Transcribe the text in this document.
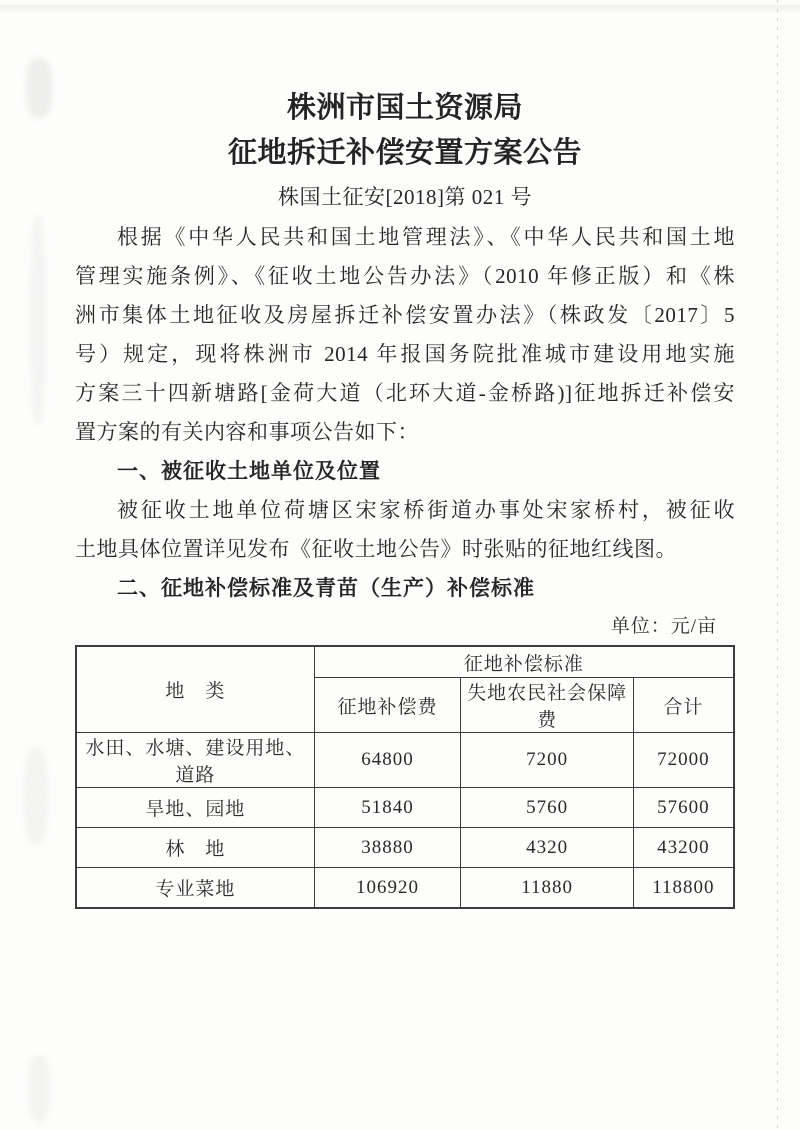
株洲市国土资源局
征地拆迁补偿安置方案公告
株国土征安[2018]第 021 号
根据《中华人民共和国土地管理法》、《中华人民共和国土地
管理实施条例》、《征收土地公告办法》（2010 年修正版）和《株
洲市集体土地征收及房屋拆迁补偿安置办法》（株政发〔2017〕5
号）规定，现将株洲市 2014 年报国务院批准城市建设用地实施
方案三十四新塘路[金荷大道（北环大道-金桥路)]征地拆迁补偿安
置方案的有关内容和事项公告如下：
一、被征收土地单位及位置
被征收土地单位荷塘区宋家桥街道办事处宋家桥村，被征收
土地具体位置详见发布《征收土地公告》时张贴的征地红线图。
二、征地补偿标准及青苗（生产）补偿标准
单位：元/亩
地　类	征地补偿标准		
	征地补偿费	失地农民社会保障费	合计
水田、水塘、建设用地、道路	64800	7200	72000
旱地、园地	51840	5760	57600
林　地	38880	4320	43200
专业菜地	106920	11880	118800
